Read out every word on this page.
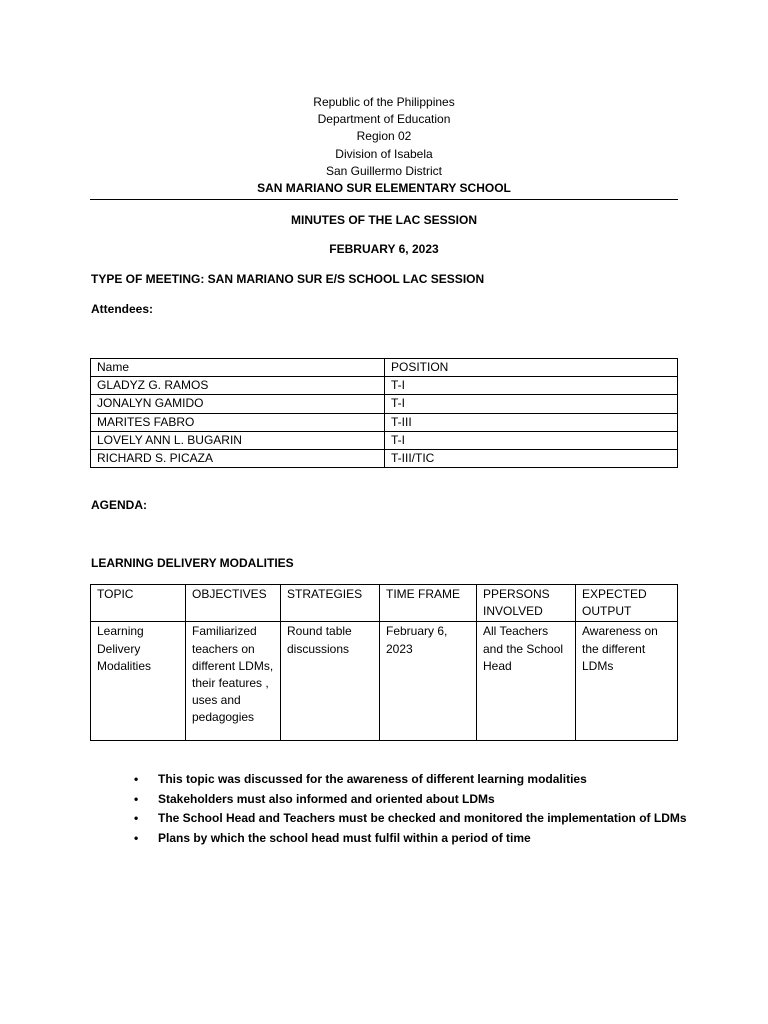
Republic of the Philippines
Department of Education
Region 02
Division of Isabela
San Guillermo District
SAN MARIANO SUR ELEMENTARY SCHOOL
MINUTES OF THE LAC SESSION
FEBRUARY 6, 2023
TYPE OF MEETING: SAN MARIANO SUR E/S SCHOOL LAC SESSION
Attendees:
Name	POSITION
GLADYZ G. RAMOS	T-I
JONALYN GAMIDO	T-I
MARITES FABRO	T-III
LOVELY ANN L. BUGARIN	T-I
RICHARD S. PICAZA	T-III/TIC
AGENDA:
LEARNING DELIVERY MODALITIES
TOPIC	OBJECTIVES	STRATEGIES	TIME FRAME	PPERSONS INVOLVED	EXPECTED OUTPUT
Learning Delivery Modalities	Familiarized teachers on different LDMs, their features , uses and pedagogies	Round table discussions	February 6, 2023	All Teachers and the School Head	Awareness on the different LDMs
• This topic was discussed for the awareness of different learning modalities
• Stakeholders must also informed and oriented about LDMs
• The School Head and Teachers must be checked and monitored the implementation of LDMs
• Plans by which the school head must fulfil within a period of time
